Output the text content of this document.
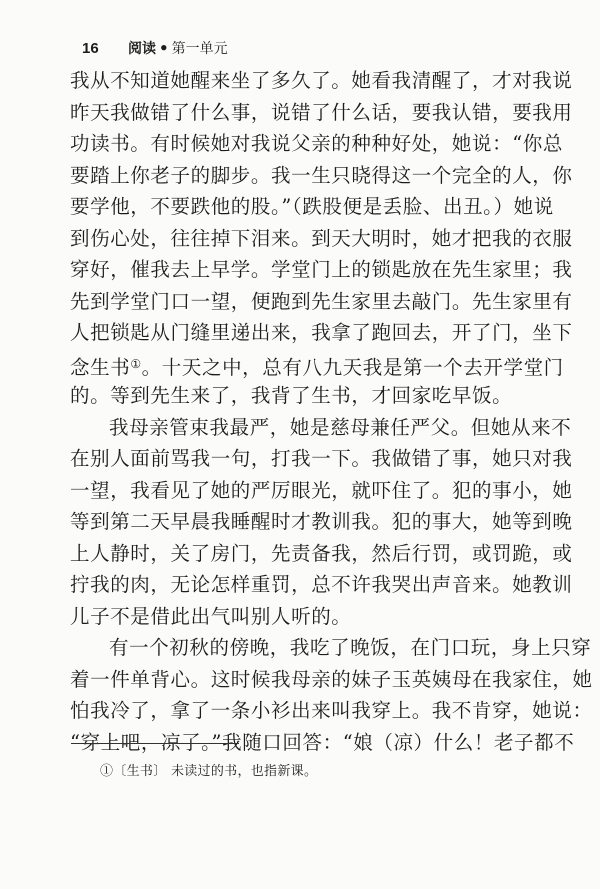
16	阅读 • 第一单元
我从不知道她醒来坐了多久了。她看我清醒了，才对我说
昨天我做错了什么事，说错了什么话，要我认错，要我用
功读书。有时候她对我说父亲的种种好处，她说：“你总
要踏上你老子的脚步。我一生只晓得这一个完全的人，你
要学他，不要跌他的股。”（跌股便是丢脸、出丑。）她说
到伤心处，往往掉下泪来。到天大明时，她才把我的衣服
穿好，催我去上早学。学堂门上的锁匙放在先生家里；我
先到学堂门口一望，便跑到先生家里去敲门。先生家里有
人把锁匙从门缝里递出来，我拿了跑回去，开了门，坐下
念生书①。十天之中，总有八九天我是第一个去开学堂门
的。等到先生来了，我背了生书，才回家吃早饭。
我母亲管束我最严，她是慈母兼任严父。但她从来不
在别人面前骂我一句，打我一下。我做错了事，她只对我
一望，我看见了她的严厉眼光，就吓住了。犯的事小，她
等到第二天早晨我睡醒时才教训我。犯的事大，她等到晚
上人静时，关了房门，先责备我，然后行罚，或罚跪，或
拧我的肉，无论怎样重罚，总不许我哭出声音来。她教训
儿子不是借此出气叫别人听的。
有一个初秋的傍晚，我吃了晚饭，在门口玩，身上只穿
着一件单背心。这时候我母亲的妹子玉英姨母在我家住，她
怕我冷了，拿了一条小衫出来叫我穿上。我不肯穿，她说：
“穿上吧，凉了。”我随口回答：“娘（凉）什么！老子都不
①〔生书〕 未读过的书，也指新课。
